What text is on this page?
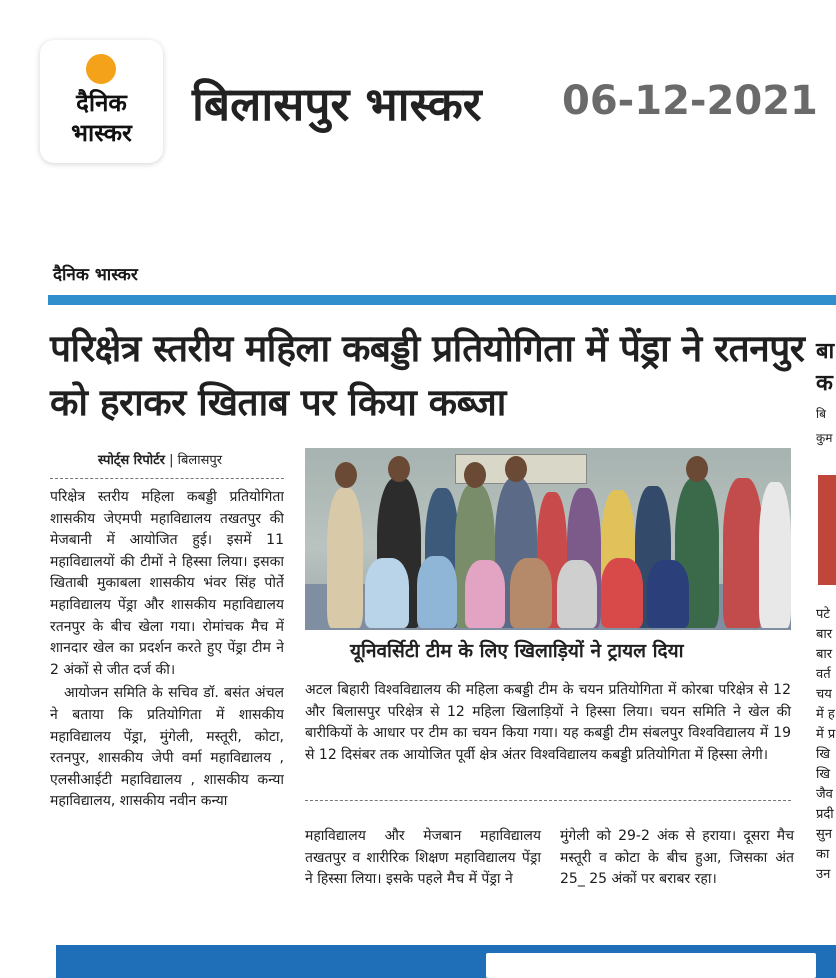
दैनिक
भास्कर
बिलासपुर भास्कर 06-12-2021
दैनिक भास्कर
परिक्षेत्र स्तरीय महिला कबड्डी प्रतियोगिता में पेंड्रा ने रतनपुर को हराकर खिताब पर किया कब्जा
स्पोर्ट्स रिपोर्टर | बिलासपुर

परिक्षेत्र स्तरीय महिला कबड्डी प्रतियोगिता शासकीय जेएमपी महाविद्यालय तखतपुर की मेजबानी में आयोजित हुई। इसमें 11 महाविद्यालयों की टीमों ने हिस्सा लिया। इसका खिताबी मुकाबला शासकीय भंवर सिंह पोर्ते महाविद्यालय पेंड्रा और शासकीय महाविद्यालय रतनपुर के बीच खेला गया। रोमांचक मैच में शानदार खेल का प्रदर्शन करते हुए पेंड्रा टीम ने 2 अंकों से जीत दर्ज की।

आयोजन समिति के सचिव डॉ. बसंत अंचल ने बताया कि प्रतियोगिता में शासकीय महाविद्यालय पेंड्रा, मुंगेली, मस्तूरी, कोटा, रतनपुर, शासकीय जेपी वर्मा महाविद्यालय , एलसीआईटी महाविद्यालय , शासकीय कन्या महाविद्यालय, शासकीय नवीन कन्या

यूनिवर्सिटी टीम के लिए खिलाड़ियों ने ट्रायल दिया
अटल बिहारी विश्वविद्यालय की महिला कबड्डी टीम के चयन प्रतियोगिता में कोरबा परिक्षेत्र से 12 और बिलासपुर परिक्षेत्र से 12 महिला खिलाड़ियों ने हिस्सा लिया। चयन समिति ने खेल की बारीकियों के आधार पर टीम का चयन किया गया। यह कबड्डी टीम संबलपुर विश्वविद्यालय में 19 से 12 दिसंबर तक आयोजित पूर्वी क्षेत्र अंतर विश्वविद्यालय कबड्डी प्रतियोगिता में हिस्सा लेगी।
महाविद्यालय और मेजबान महाविद्यालय तखतपुर व शारीरिक शिक्षण महाविद्यालय पेंड्रा ने हिस्सा लिया। इसके पहले मैच में पेंड्रा ने
मुंगेली को 29-2 अंक से हराया। दूसरा मैच मस्तूरी व कोटा के बीच हुआ, जिसका अंत 25_ 25 अंकों पर बराबर रहा।
बा
क
बि
कुम
पटे
बार
बार
वर्त
चय
में ह
में प्र
खि
खि
जैव
प्रदी
सुन
का
उन
